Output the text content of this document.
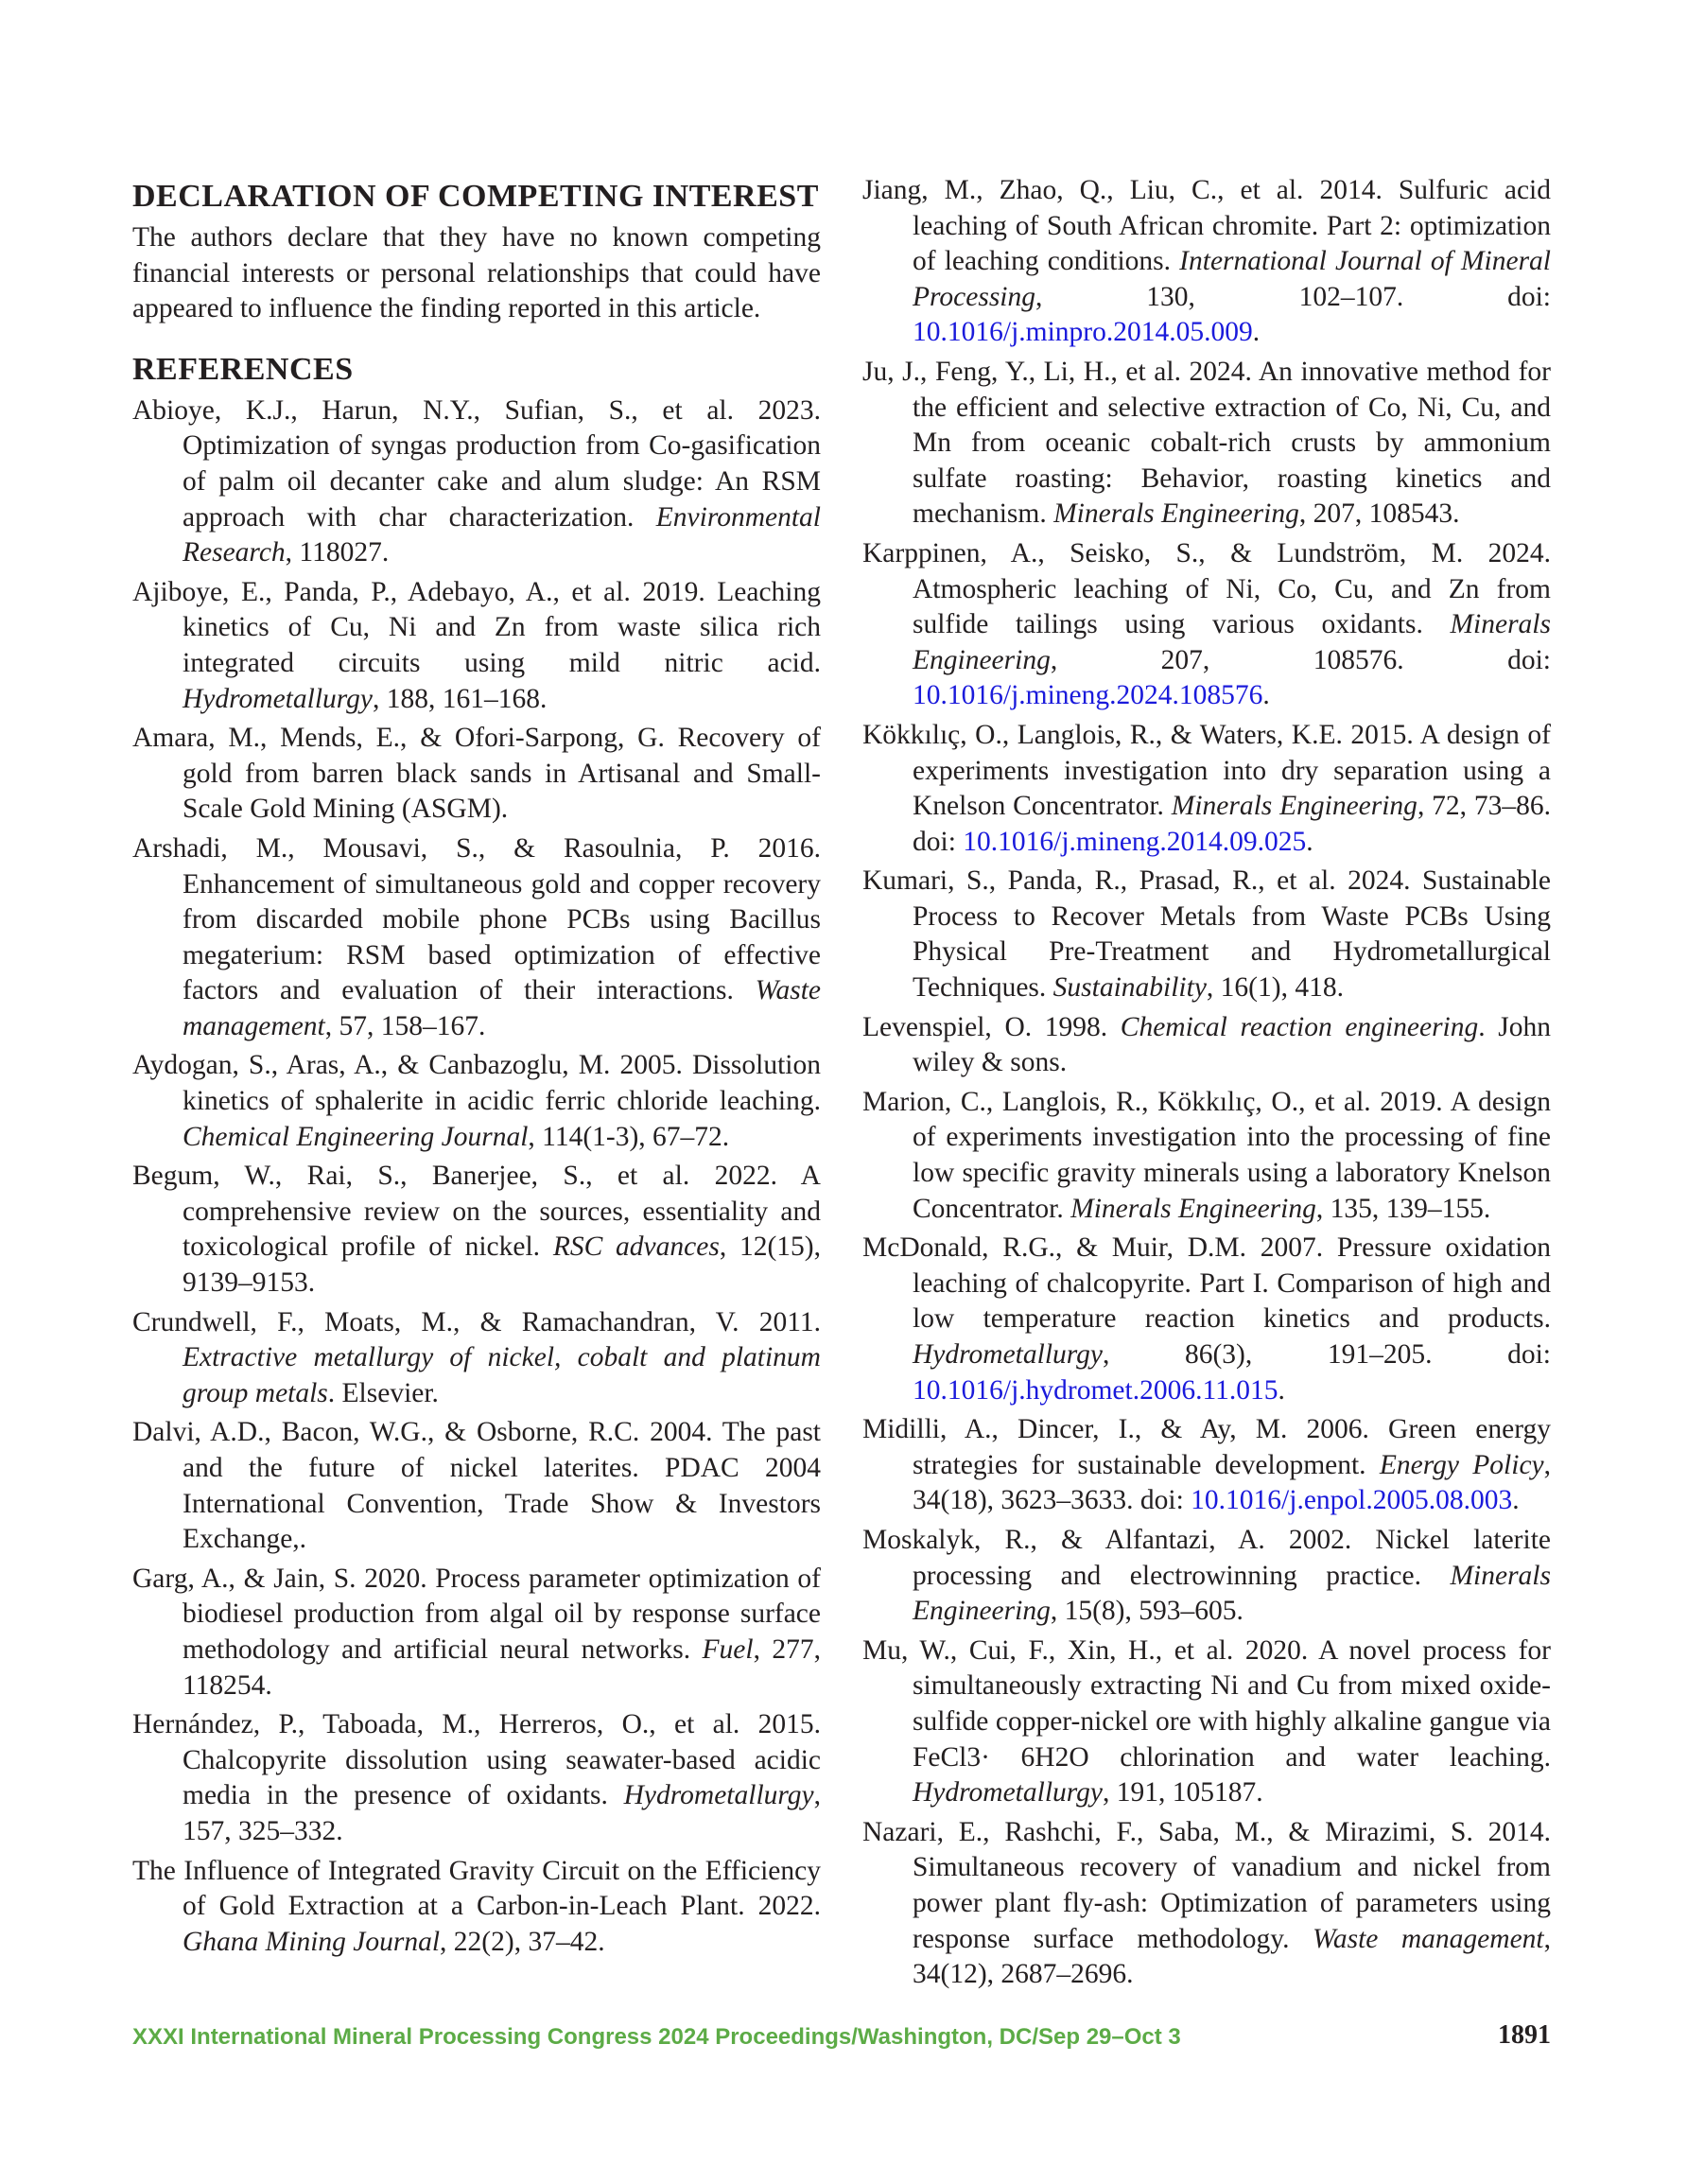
DECLARATION OF COMPETING INTEREST

The authors declare that they have no known competing financial interests or personal relationships that could have appeared to influence the finding reported in this article.

REFERENCES

Abioye, K.J., Harun, N.Y., Sufian, S., et al. 2023. Optimization of syngas production from Co-gasification of palm oil decanter cake and alum sludge: An RSM approach with char characterization. Environmental Research, 118027.

Ajiboye, E., Panda, P., Adebayo, A., et al. 2019. Leaching kinetics of Cu, Ni and Zn from waste silica rich integrated circuits using mild nitric acid. Hydrometallurgy, 188, 161–168.

Amara, M., Mends, E., & Ofori-Sarpong, G. Recovery of gold from barren black sands in Artisanal and Small-Scale Gold Mining (ASGM).

Arshadi, M., Mousavi, S., & Rasoulnia, P. 2016. Enhancement of simultaneous gold and copper recovery from discarded mobile phone PCBs using Bacillus megaterium: RSM based optimization of effective factors and evaluation of their interactions. Waste management, 57, 158–167.

Aydogan, S., Aras, A., & Canbazoglu, M. 2005. Dissolution kinetics of sphalerite in acidic ferric chloride leaching. Chemical Engineering Journal, 114(1-3), 67–72.

Begum, W., Rai, S., Banerjee, S., et al. 2022. A comprehensive review on the sources, essentiality and toxicological profile of nickel. RSC advances, 12(15), 9139–9153.

Crundwell, F., Moats, M., & Ramachandran, V. 2011. Extractive metallurgy of nickel, cobalt and platinum group metals. Elsevier.

Dalvi, A.D., Bacon, W.G., & Osborne, R.C. 2004. The past and the future of nickel laterites. PDAC 2004 International Convention, Trade Show & Investors Exchange,.

Garg, A., & Jain, S. 2020. Process parameter optimization of biodiesel production from algal oil by response surface methodology and artificial neural networks. Fuel, 277, 118254.

Hernández, P., Taboada, M., Herreros, O., et al. 2015. Chalcopyrite dissolution using seawater-based acidic media in the presence of oxidants. Hydrometallurgy, 157, 325–332.

The Influence of Integrated Gravity Circuit on the Efficiency of Gold Extraction at a Carbon-in-Leach Plant. 2022. Ghana Mining Journal, 22(2), 37–42.

Jiang, M., Zhao, Q., Liu, C., et al. 2014. Sulfuric acid leaching of South African chromite. Part 2: optimization of leaching conditions. International Journal of Mineral Processing, 130, 102–107. doi: 10.1016/j.minpro.2014.05.009.

Ju, J., Feng, Y., Li, H., et al. 2024. An innovative method for the efficient and selective extraction of Co, Ni, Cu, and Mn from oceanic cobalt-rich crusts by ammonium sulfate roasting: Behavior, roasting kinetics and mechanism. Minerals Engineering, 207, 108543.

Karppinen, A., Seisko, S., & Lundström, M. 2024. Atmospheric leaching of Ni, Co, Cu, and Zn from sulfide tailings using various oxidants. Minerals Engineering, 207, 108576. doi: 10.1016/j.mineng.2024.108576.

Kökkılıç, O., Langlois, R., & Waters, K.E. 2015. A design of experiments investigation into dry separation using a Knelson Concentrator. Minerals Engineering, 72, 73–86. doi: 10.1016/j.mineng.2014.09.025.

Kumari, S., Panda, R., Prasad, R., et al. 2024. Sustainable Process to Recover Metals from Waste PCBs Using Physical Pre-Treatment and Hydrometallurgical Techniques. Sustainability, 16(1), 418.

Levenspiel, O. 1998. Chemical reaction engineering. John wiley & sons.

Marion, C., Langlois, R., Kökkılıç, O., et al. 2019. A design of experiments investigation into the processing of fine low specific gravity minerals using a laboratory Knelson Concentrator. Minerals Engineering, 135, 139–155.

McDonald, R.G., & Muir, D.M. 2007. Pressure oxidation leaching of chalcopyrite. Part I. Comparison of high and low temperature reaction kinetics and products. Hydrometallurgy, 86(3), 191–205. doi: 10.1016/j.hydromet.2006.11.015.

Midilli, A., Dincer, I., & Ay, M. 2006. Green energy strategies for sustainable development. Energy Policy, 34(18), 3623–3633. doi: 10.1016/j.enpol.2005.08.003.

Moskalyk, R., & Alfantazi, A. 2002. Nickel laterite processing and electrowinning practice. Minerals Engineering, 15(8), 593–605.

Mu, W., Cui, F., Xin, H., et al. 2020. A novel process for simultaneously extracting Ni and Cu from mixed oxide-sulfide copper-nickel ore with highly alkaline gangue via FeCl3· 6H2O chlorination and water leaching. Hydrometallurgy, 191, 105187.

Nazari, E., Rashchi, F., Saba, M., & Mirazimi, S. 2014. Simultaneous recovery of vanadium and nickel from power plant fly-ash: Optimization of parameters using response surface methodology. Waste management, 34(12), 2687–2696.

XXXI International Mineral Processing Congress 2024 Proceedings/Washington, DC/Sep 29–Oct 3	1891
